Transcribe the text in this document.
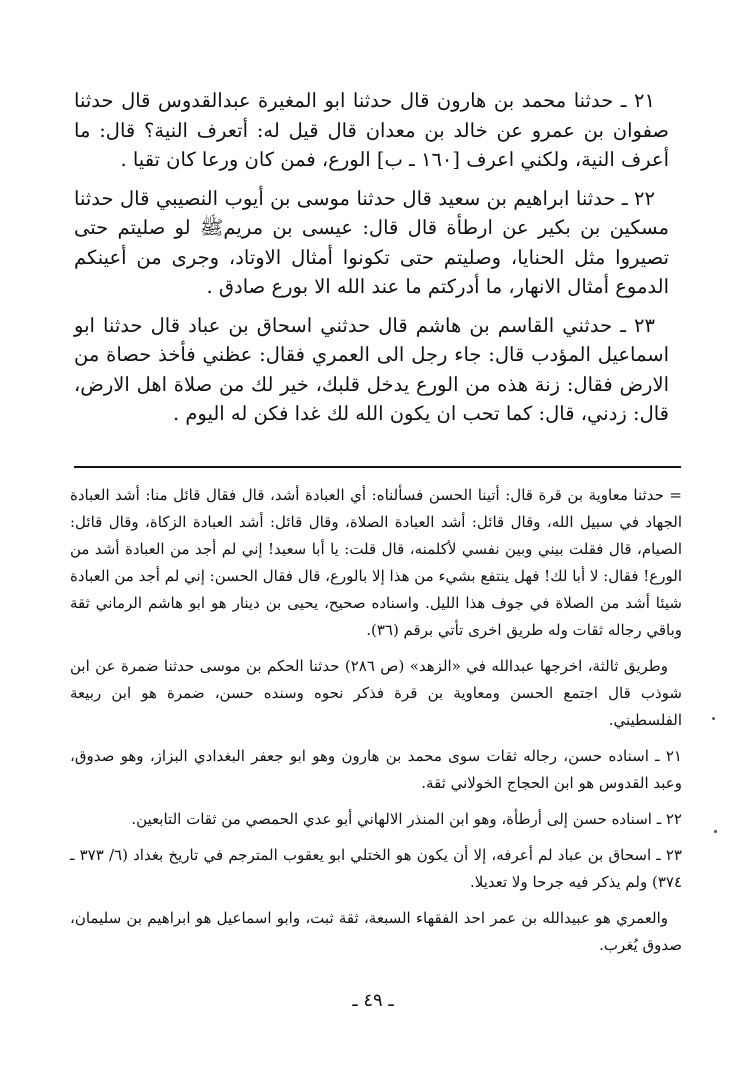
٢١ ـ حدثنا محمد بن هارون قال حدثنا ابو المغيرة عبدالقدوس قال حدثنا صفوان بن عمرو عن خالد بن معدان قال قيل له: أتعرف النية؟ قال: ما أعرف النية، ولكني اعرف [١٦٠ ـ ب] الورع، فمن كان ورعا كان تقيا .

٢٢ ـ حدثنا ابراهيم بن سعيد قال حدثنا موسى بن أيوب النصيبي قال حدثنا مسكين بن بكير عن ارطأة قال قال: عيسى بن مريمﷺ لو صليتم حتى تصيروا مثل الحنايا، وصليتم حتى تكونوا أمثال الاوتاد، وجرى من أعينكم الدموع أمثال الانهار، ما أدركتم ما عند الله الا بورع صادق .

٢٣ ـ حدثني القاسم بن هاشم قال حدثني اسحاق بن عباد قال حدثنا ابو اسماعيل المؤدب قال: جاء رجل الى العمري فقال: عظني فأخذ حصاة من الارض فقال: زنة هذه من الورع يدخل قلبك، خير لك من صلاة اهل الارض، قال: زدني، قال: كما تحب ان يكون الله لك غدا فكن له اليوم .

= حدثنا معاوية بن قرة قال: أتينا الحسن فسألناه: أي العبادة أشد، قال فقال قائل منا: أشد العبادة الجهاد في سبيل الله، وقال قائل: أشد العبادة الصلاة، وقال قائل: أشد العبادة الزكاة، وقال قائل: الصيام، قال فقلت بيني وبين نفسي لأكلمنه، قال قلت: يا أبا سعيد! إني لم أجد من العبادة أشد من الورع! فقال: لا أبا لك! فهل ينتفع بشيء من هذا إلا بالورع، قال فقال الحسن: إني لم أجد من العبادة شيئا أشد من الصلاة في جوف هذا الليل. واسناده صحيح، يحيى بن دينار هو ابو هاشم الرماني ثقة وباقي رجاله ثقات وله طريق اخرى تأتي برقم (٣٦).

وطريق ثالثة، اخرجها عبدالله في «الزهد» (ص ٢٨٦) حدثنا الحكم بن موسى حدثنا ضمرة عن ابن شوذب قال اجتمع الحسن ومعاوية بن قرة فذكر نحوه وسنده حسن، ضمرة هو ابن ربيعة الفلسطيني.

٢١ ـ اسناده حسن، رجاله ثقات سوى محمد بن هارون وهو ابو جعفر البغدادي البزاز، وهو صدوق، وعبد القدوس هو ابن الحجاج الخولاني ثقة.

٢٢ ـ اسناده حسن إلى أرطأة، وهو ابن المنذر الالهاني أبو عدي الحمصي من ثقات التابعين.

٢٣ ـ اسحاق بن عباد لم أعرفه، إلا أن يكون هو الختلي ابو يعقوب المترجم في تاريخ بغداد (٦/ ٣٧٣ ـ ٣٧٤) ولم يذكر فيه جرحا ولا تعديلا.

والعمري هو عبيدالله بن عمر احد الفقهاء السبعة، ثقة ثبت، وابو اسماعيل هو ابراهيم بن سليمان، صدوق يُغرب.

ـ ٤٩ ـ
